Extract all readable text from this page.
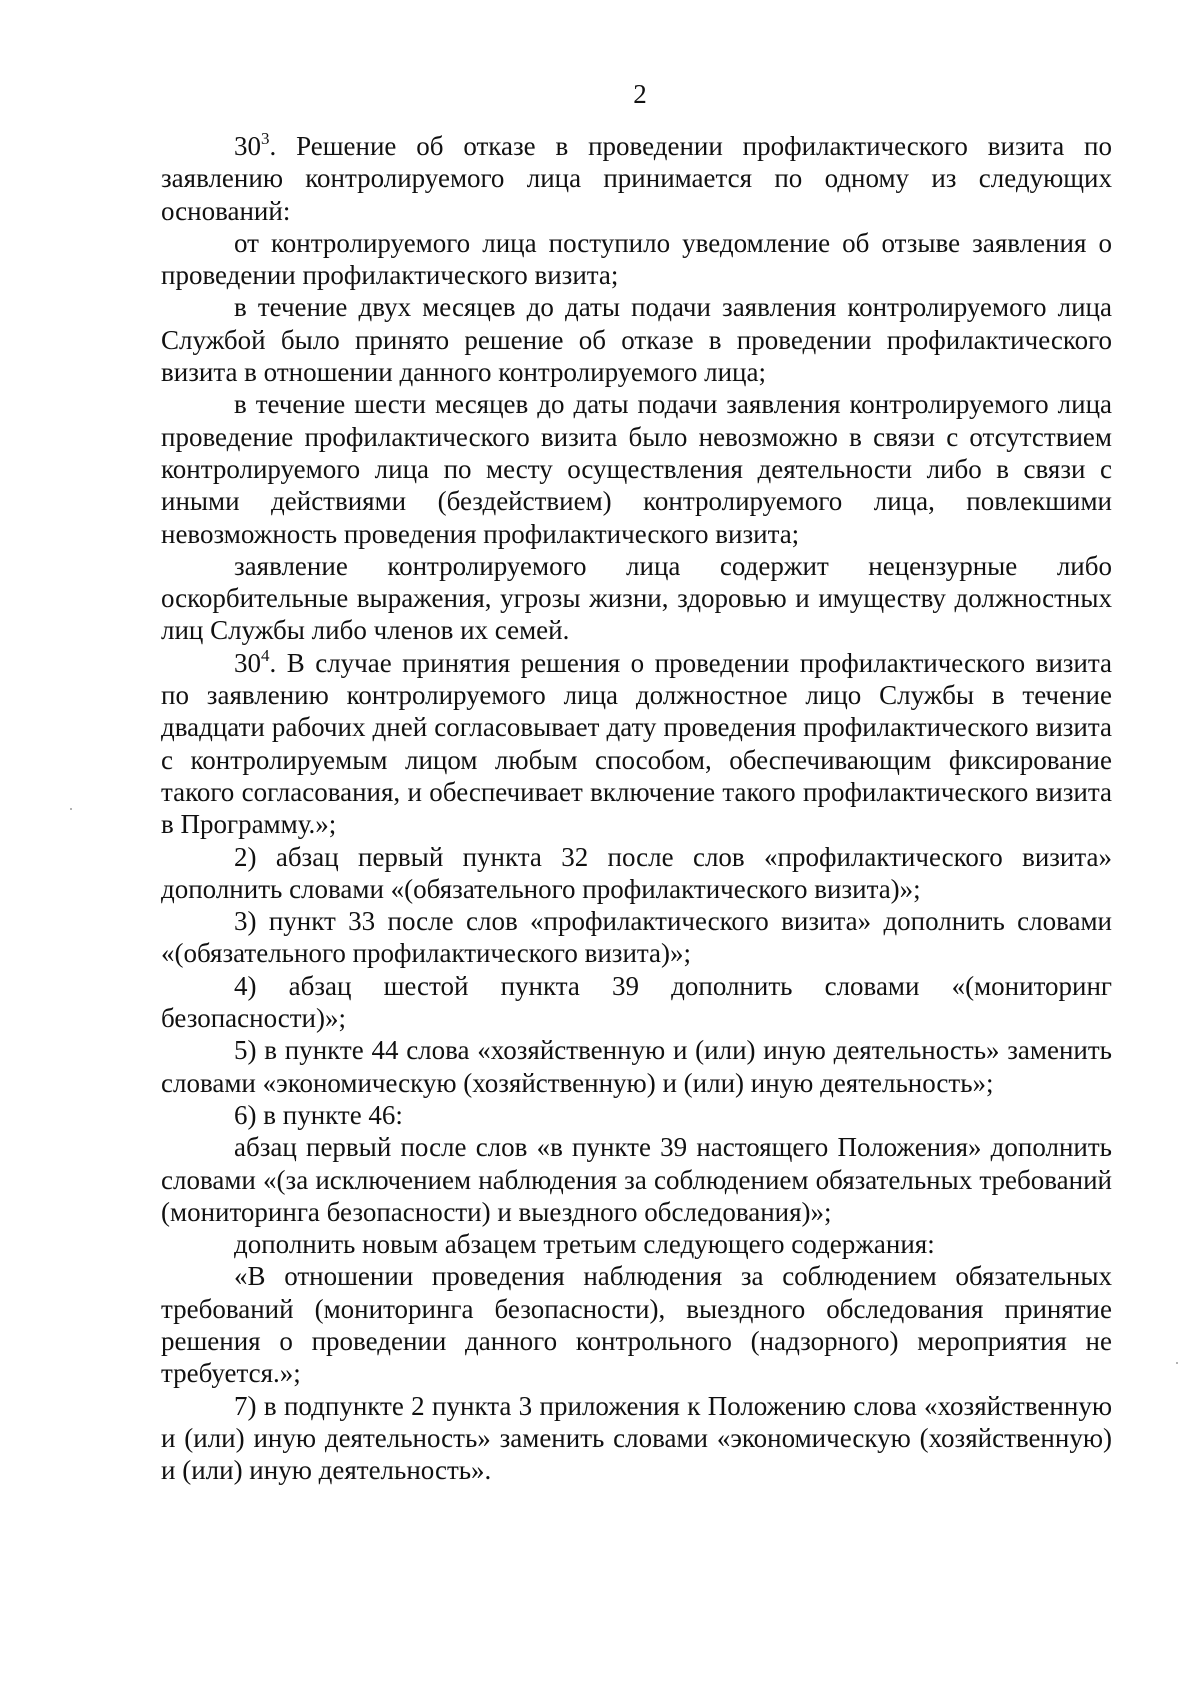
2

$30^3$. Решение об отказе в проведении профилактического визита по заявлению контролируемого лица принимается по одному из следующих оснований:

от контролируемого лица поступило уведомление об отзыве заявления о проведении профилактического визита;

в течение двух месяцев до даты подачи заявления контролируемого лица Службой было принято решение об отказе в проведении профилактического визита в отношении данного контролируемого лица;

в течение шести месяцев до даты подачи заявления контролируемого лица проведение профилактического визита было невозможно в связи с отсутствием контролируемого лица по месту осуществления деятельности либо в связи с иными действиями (бездействием) контролируемого лица, повлекшими невозможность проведения профилактического визита;

заявление контролируемого лица содержит нецензурные либо оскорбительные выражения, угрозы жизни, здоровью и имуществу должностных лиц Службы либо членов их семей.

$30^4$. В случае принятия решения о проведении профилактического визита по заявлению контролируемого лица должностное лицо Службы в течение двадцати рабочих дней согласовывает дату проведения профилактического визита с контролируемым лицом любым способом, обеспечивающим фиксирование такого согласования, и обеспечивает включение такого профилактического визита в Программу.»;

2) абзац первый пункта 32 после слов «профилактического визита» дополнить словами «(обязательного профилактического визита)»;

3) пункт 33 после слов «профилактического визита» дополнить словами «(обязательного профилактического визита)»;

4) абзац шестой пункта 39 дополнить словами «(мониторинг безопасности)»;

5) в пункте 44 слова «хозяйственную и (или) иную деятельность» заменить словами «экономическую (хозяйственную) и (или) иную деятельность»;

6) в пункте 46:

абзац первый после слов «в пункте 39 настоящего Положения» дополнить словами «(за исключением наблюдения за соблюдением обязательных требований (мониторинга безопасности) и выездного обследования)»;

дополнить новым абзацем третьим следующего содержания:

«В отношении проведения наблюдения за соблюдением обязательных требований (мониторинга безопасности), выездного обследования принятие решения о проведении данного контрольного (надзорного) мероприятия не требуется.»;

7) в подпункте 2 пункта 3 приложения к Положению слова «хозяйственную и (или) иную деятельность» заменить словами «экономическую (хозяйственную) и (или) иную деятельность».
